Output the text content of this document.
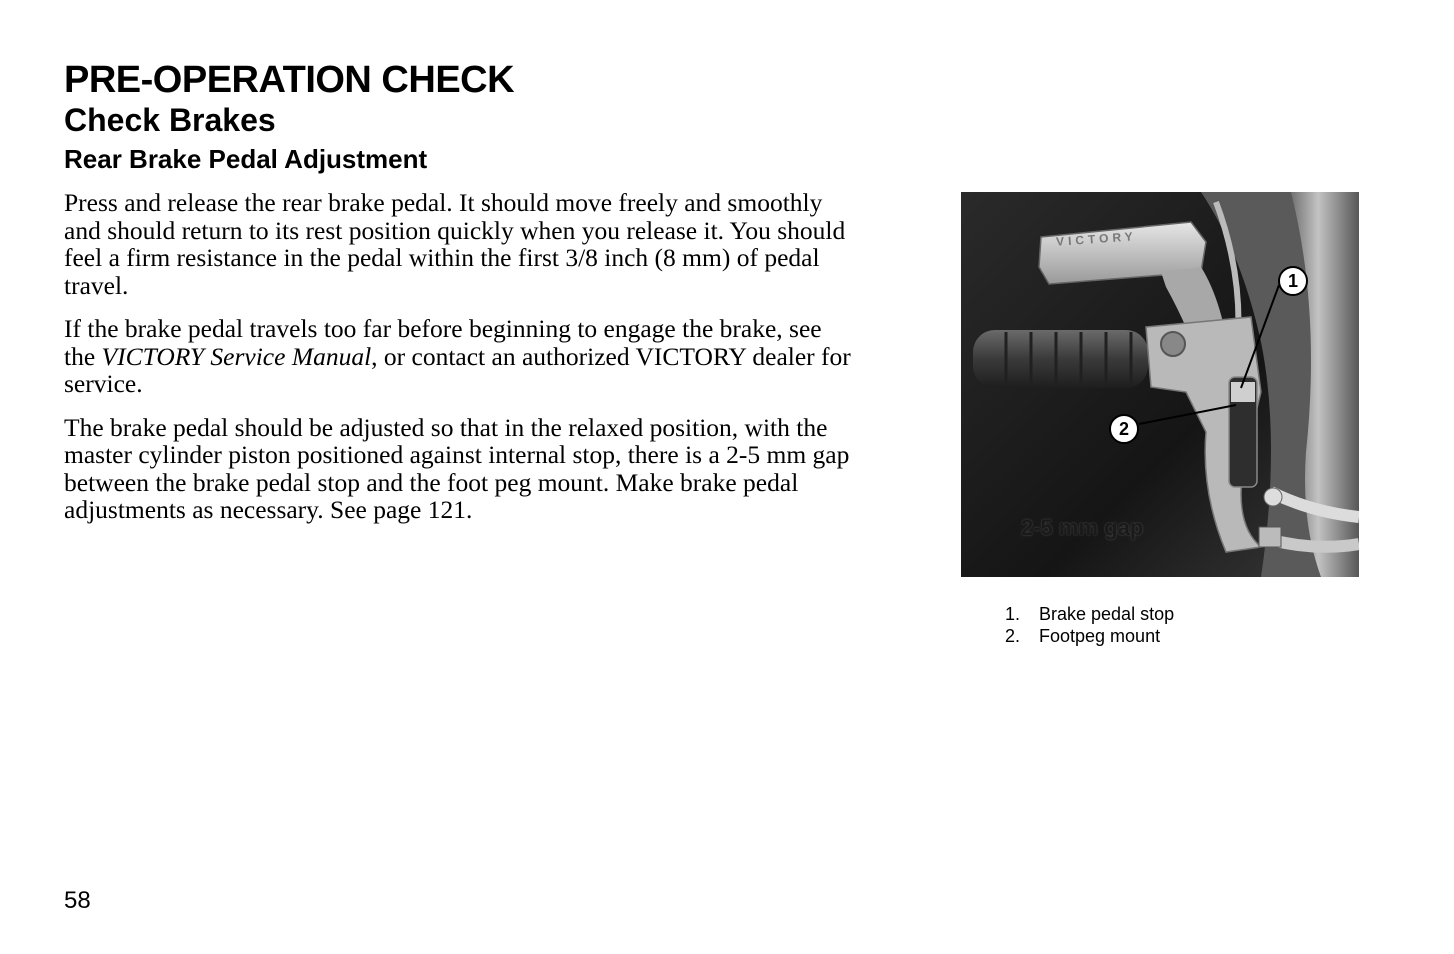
PRE-OPERATION CHECK
Check Brakes
Rear Brake Pedal Adjustment

Press and release the rear brake pedal. It should move freely and smoothly and should return to its rest position quickly when you release it. You should feel a firm resistance in the pedal within the first 3/8 inch (8 mm) of pedal travel.

If the brake pedal travels too far before beginning to engage the brake, see the VICTORY Service Manual, or contact an authorized VICTORY dealer for service.

The brake pedal should be adjusted so that in the relaxed position, with the master cylinder piston positioned against internal stop, there is a 2-5 mm gap between the brake pedal stop and the foot peg mount. Make brake pedal adjustments as necessary. See page 121.

1
2
2-5 mm gap
VICTORY
1.	Brake pedal stop
2.	Footpeg mount
58
